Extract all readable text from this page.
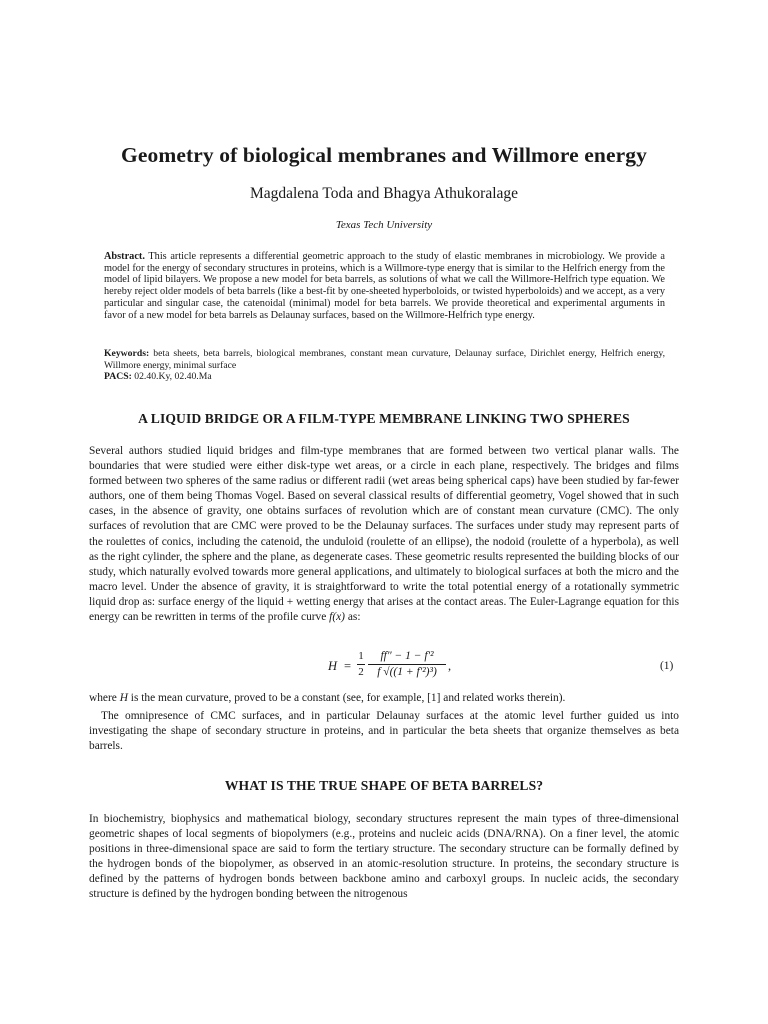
Geometry of biological membranes and Willmore energy
Magdalena Toda and Bhagya Athukoralage
Texas Tech University
Abstract. This article represents a differential geometric approach to the study of elastic membranes in microbiology. We provide a model for the energy of secondary structures in proteins, which is a Willmore-type energy that is similar to the Helfrich energy from the model of lipid bilayers. We propose a new model for beta barrels, as solutions of what we call the Willmore-Helfrich type equation. We hereby reject older models of beta barrels (like a best-fit by one-sheeted hyperboloids, or twisted hyperboloids) and we accept, as a very particular and singular case, the catenoidal (minimal) model for beta barrels. We provide theoretical and experimental arguments in favor of a new model for beta barrels as Delaunay surfaces, based on the Willmore-Helfrich type energy.
Keywords: beta sheets, beta barrels, biological membranes, constant mean curvature, Delaunay surface, Dirichlet energy, Helfrich energy, Willmore energy, minimal surface
PACS: 02.40.Ky, 02.40.Ma
A LIQUID BRIDGE OR A FILM-TYPE MEMBRANE LINKING TWO SPHERES
Several authors studied liquid bridges and film-type membranes that are formed between two vertical planar walls. The boundaries that were studied were either disk-type wet areas, or a circle in each plane, respectively. The bridges and films formed between two spheres of the same radius or different radii (wet areas being spherical caps) have been studied by far-fewer authors, one of them being Thomas Vogel. Based on several classical results of differential geometry, Vogel showed that in such cases, in the absence of gravity, one obtains surfaces of revolution which are of constant mean curvature (CMC). The only surfaces of revolution that are CMC were proved to be the Delaunay surfaces. The surfaces under study may represent parts of the roulettes of conics, including the catenoid, the unduloid (roulette of an ellipse), the nodoid (roulette of a hyperbola), as well as the right cylinder, the sphere and the plane, as degenerate cases. These geometric results represented the building blocks of our study, which naturally evolved towards more general applications, and ultimately to biological surfaces at both the micro and the macro level. Under the absence of gravity, it is straightforward to write the total potential energy of a rotationally symmetric liquid drop as: surface energy of the liquid + wetting energy that arises at the contact areas. The Euler-Lagrange equation for this energy can be rewritten in terms of the profile curve f(x) as:
H =
1
2
ff″ − 1 − f′²
f √((1 + f′²)³) ,	(1)
where H is the mean curvature, proved to be a constant (see, for example, [1] and related works therein).
The omnipresence of CMC surfaces, and in particular Delaunay surfaces at the atomic level further guided us into investigating the shape of secondary structure in proteins, and in particular the beta sheets that organize themselves as beta barrels.
WHAT IS THE TRUE SHAPE OF BETA BARRELS?
In biochemistry, biophysics and mathematical biology, secondary structures represent the main types of three-dimensional geometric shapes of local segments of biopolymers (e.g., proteins and nucleic acids (DNA/RNA). On a finer level, the atomic positions in three-dimensional space are said to form the tertiary structure. The secondary structure can be formally defined by the hydrogen bonds of the biopolymer, as observed in an atomic-resolution structure. In proteins, the secondary structure is defined by the patterns of hydrogen bonds between backbone amino and carboxyl groups. In nucleic acids, the secondary structure is defined by the hydrogen bonding between the nitrogenous
